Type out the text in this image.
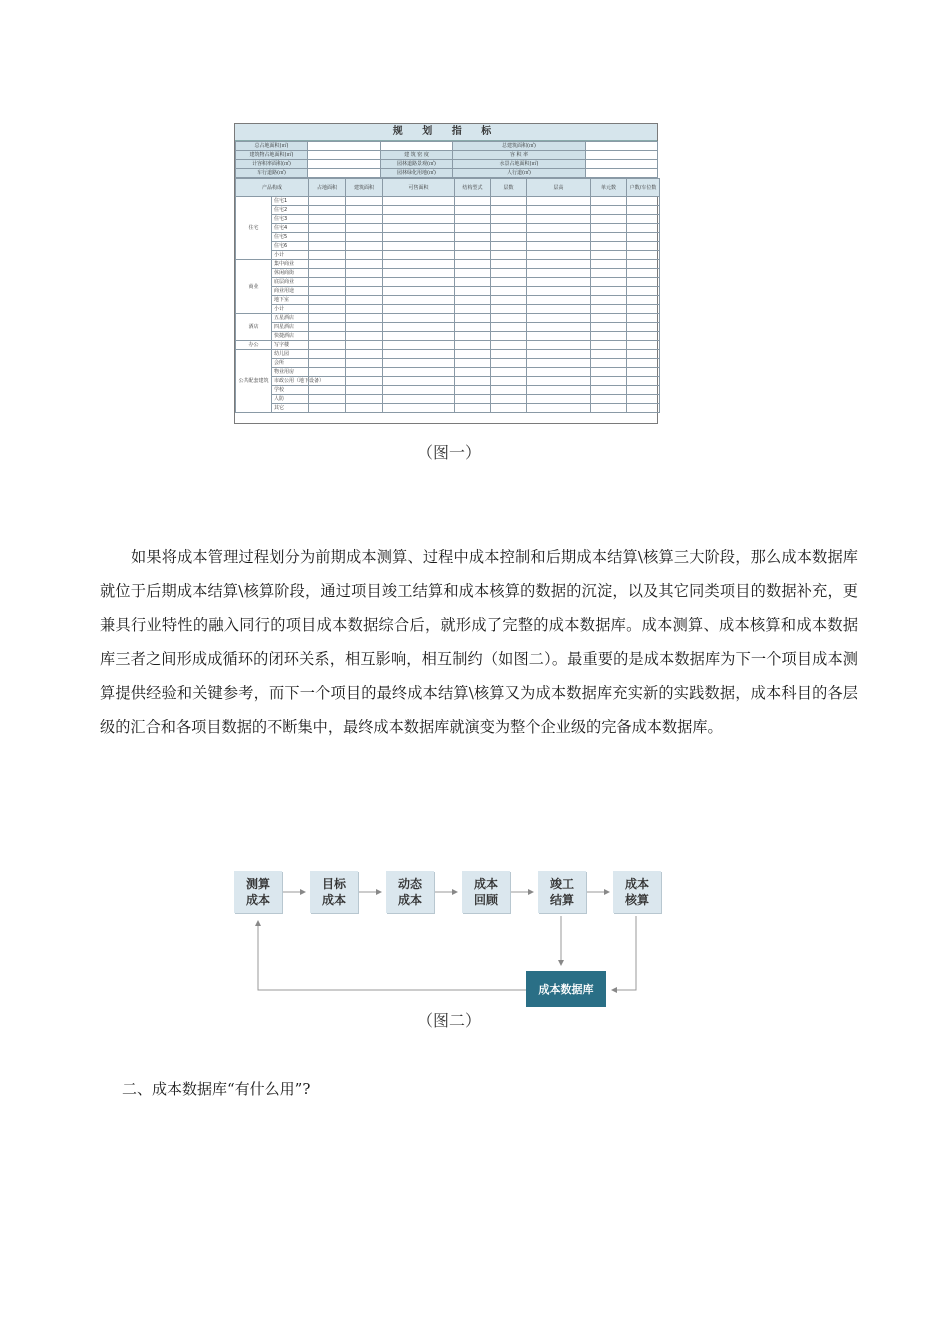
规 划 指 标
总占地面积(㎡)			总建筑面积(㎡)	
建筑物占地面积(㎡)		建 筑 密 度	容 积 率	
计容积率面积(㎡)		园林道路景观(㎡)	水景占地面积(㎡)	
车行道路(㎡)		园林绿化用地(㎡)	人行道(㎡)	
产品构成		占地面积	建筑面积	可售面积	结构型式	层数	层高	单元数	户数/车位数
住宅	住宅1								
	住宅2								
	住宅3								
	住宅4								
	住宅5								
	住宅6								
	小计								
商业	集中商业								
	休闲商街								
	底层商业								
	商业用途								
	地下室								
	小计								
酒店	五星酒店								
	四星酒店								
	快捷酒店								
办公	写字楼								
公共配套建筑	幼儿园								
	会所								
	物业用房								
	市政公用（地下设备）								
	学校								
	人防								
	其它								
（图一）

如果将成本管理过程划分为前期成本测算、过程中成本控制和后期成本结算\核算三大阶段，那么成本数据库就位于后期成本结算\核算阶段，通过项目竣工结算和成本核算的数据的沉淀，以及其它同类项目的数据补充，更兼具行业特性的融入同行的项目成本数据综合后，就形成了完整的成本数据库。成本测算、成本核算和成本数据库三者之间形成成循环的闭环关系，相互影响，相互制约（如图二）。最重要的是成本数据库为下一个项目成本测算提供经验和关键参考，而下一个项目的最终成本结算\核算又为成本数据库充实新的实践数据，成本科目的各层级的汇合和各项目数据的不断集中，最终成本数据库就演变为整个企业级的完备成本数据库。

测算成本
目标成本
动态成本
成本回顾
竣工结算
成本核算
成本数据库
（图二）
二、成本数据库“有什么用”?
